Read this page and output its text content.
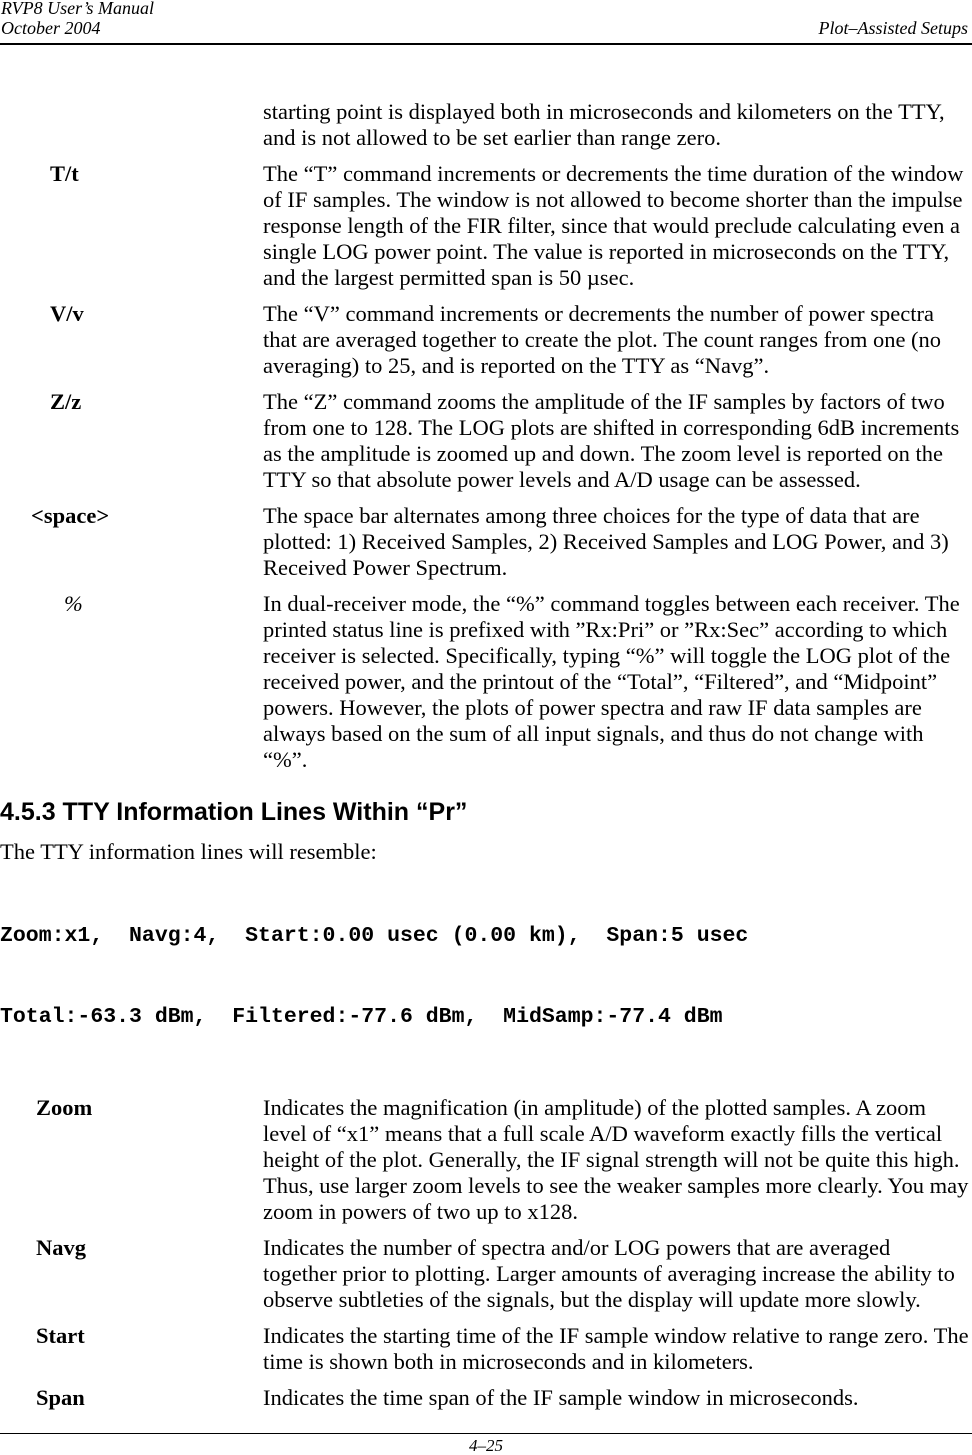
RVP8 User’s Manual
October 2004	Plot–Assisted Setups
starting point is displayed both in microseconds and kilometers on the TTY, and is not allowed to be set earlier than range zero.
T/t	The “T” command increments or decrements the time duration of the window of IF samples. The window is not allowed to become shorter than the impulse response length of the FIR filter, since that would preclude calculating even a single LOG power point. The value is reported in microseconds on the TTY, and the largest permitted span is 50 µsec.
V/v	The “V” command increments or decrements the number of power spectra that are averaged together to create the plot. The count ranges from one (no averaging) to 25, and is reported on the TTY as “Navg”.
Z/z	The “Z” command zooms the amplitude of the IF samples by factors of two from one to 128. The LOG plots are shifted in corresponding 6dB increments as the amplitude is zoomed up and down. The zoom level is reported on the TTY so that absolute power levels and A/D usage can be assessed.
<space>	The space bar alternates among three choices for the type of data that are plotted: 1) Received Samples, 2) Received Samples and LOG Power, and 3) Received Power Spectrum.
%	In dual-receiver mode, the “%” command toggles between each receiver. The printed status line is prefixed with ”Rx:Pri” or ”Rx:Sec” according to which receiver is selected. Specifically, typing “%” will toggle the LOG plot of the received power, and the printout of the “Total”, “Filtered”, and “Midpoint” powers. However, the plots of power spectra and raw IF data samples are always based on the sum of all input signals, and thus do not change with “%”.
4.5.3 TTY Information Lines Within “Pr”

The TTY information lines will resemble:

Zoom:x1,  Navg:4,  Start:0.00 usec (0.00 km),  Span:5 usec

Total:-63.3 dBm,  Filtered:-77.6 dBm,  MidSamp:-77.4 dBm

Zoom	Indicates the magnification (in amplitude) of the plotted samples. A zoom level of “x1” means that a full scale A/D waveform exactly fills the vertical height of the plot. Generally, the IF signal strength will not be quite this high. Thus, use larger zoom levels to see the weaker samples more clearly. You may zoom in powers of two up to x128.
Navg	Indicates the number of spectra and/or LOG powers that are averaged together prior to plotting. Larger amounts of averaging increase the ability to observe subtleties of the signals, but the display will update more slowly.
Start	Indicates the starting time of the IF sample window relative to range zero. The time is shown both in microseconds and in kilometers.
Span	Indicates the time span of the IF sample window in microseconds.
4–25
